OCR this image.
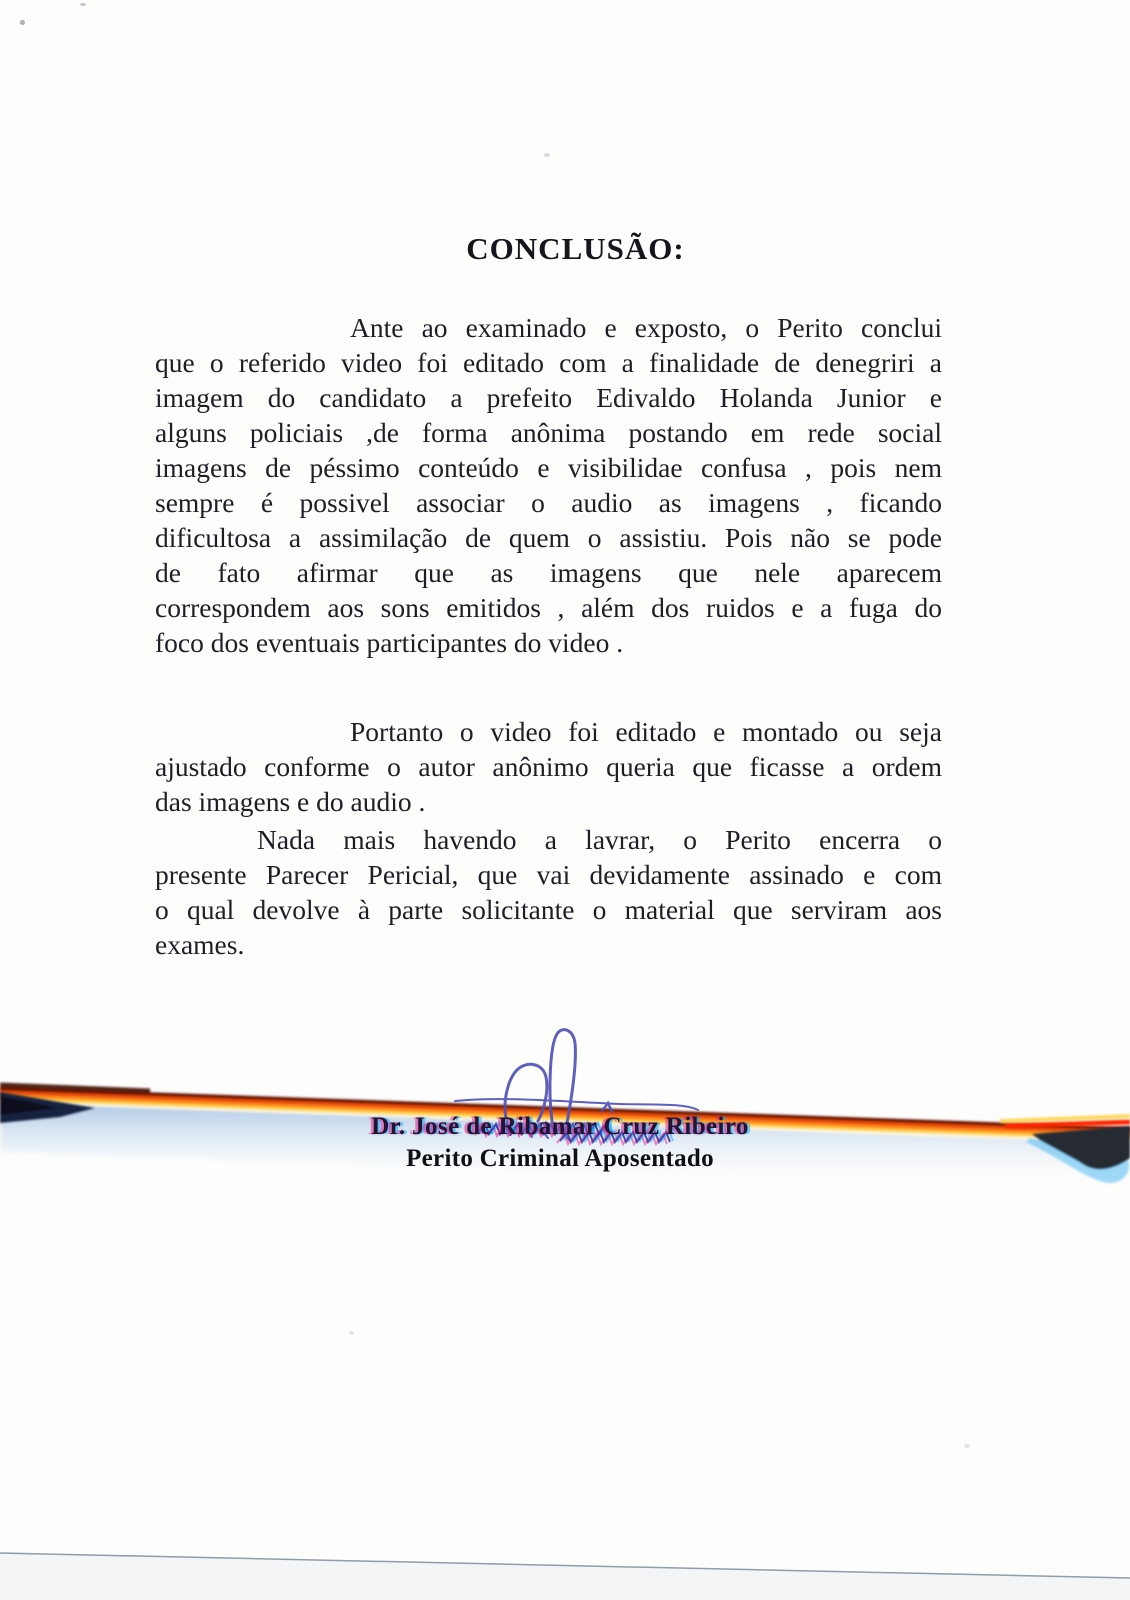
CONCLUSÃO:
Ante ao examinado e exposto, o Perito conclui
que o referido video foi editado com a finalidade de denegriri a
imagem do candidato a prefeito Edivaldo Holanda Junior e
alguns policiais ,de forma anônima postando em rede social
imagens de péssimo conteúdo e visibilidae confusa , pois nem
sempre é possivel associar o audio as imagens , ficando
dificultosa a assimilação de quem o assistiu. Pois não se pode
de fato afirmar que as imagens que nele aparecem
correspondem aos sons emitidos , além dos ruidos e a fuga do
foco dos eventuais participantes do video .
Portanto o video foi editado e montado ou seja
ajustado conforme o autor anônimo queria que ficasse a ordem
das imagens e do audio .
Nada mais havendo a lavrar, o Perito encerra o
presente Parecer Pericial, que vai devidamente assinado e com
o qual devolve à parte solicitante o material que serviram aos
exames.
Dr. José de Ribamar Cruz Ribeiro
Perito Criminal Aposentado
